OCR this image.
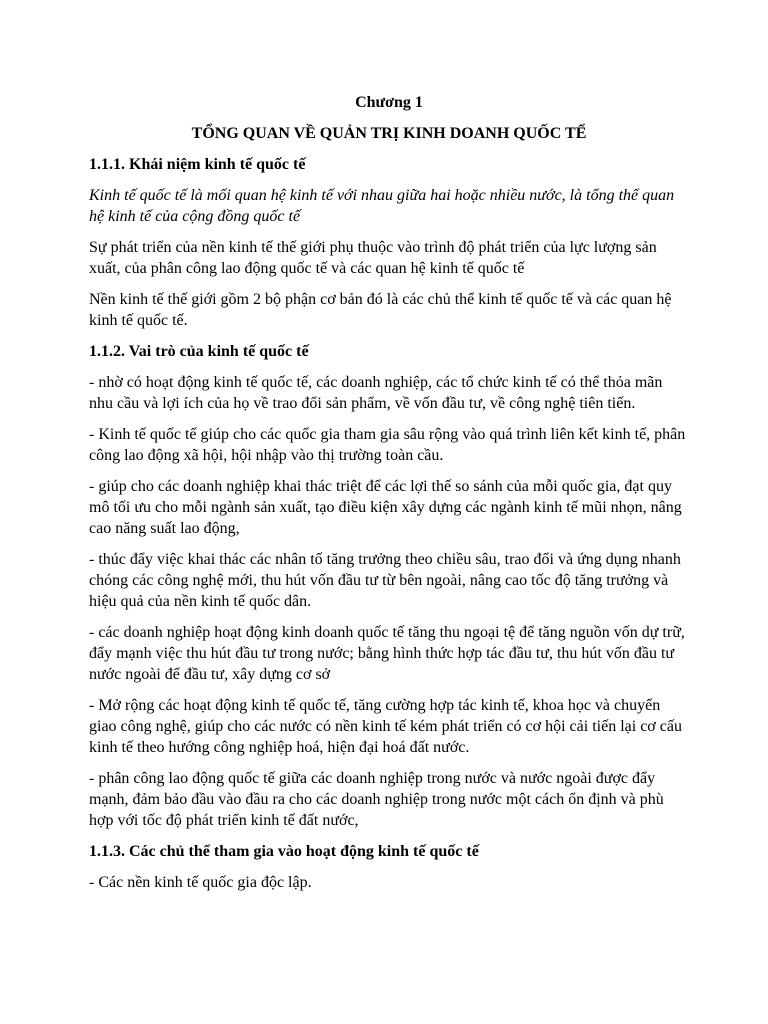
Chương 1
TỔNG QUAN VỀ QUẢN TRỊ KINH DOANH QUỐC TẾ
1.1.1. Khái niệm kinh tế quốc tế
Kinh tế quốc tế là mối quan hệ kinh tế với nhau giữa hai hoặc nhiều nước, là tổng thể quan hệ kinh tế của cộng đồng quốc tế
Sự phát triển của nền kinh tế thế giới phụ thuộc vào trình độ phát triển của lực lượng sản xuất, của phân công lao động quốc tế và các quan hệ kinh tế quốc tế
Nền kinh tế thế giới gồm 2 bộ phận cơ bản đó là các chủ thể kinh tế quốc tế và các quan hệ kinh tế quốc tế.
1.1.2. Vai trò của kinh tế quốc tế
- nhờ có hoạt động kinh tế quốc tế, các doanh nghiệp, các tổ chức kinh tế có thể thỏa mãn nhu cầu và lợi ích của họ về trao đổi sản phẩm, về vốn đầu tư, về công nghệ tiên tiến.
- Kinh tế quốc tế giúp cho các quốc gia tham gia sâu rộng vào quá trình liên kết kinh tế, phân công lao động xã hội, hội nhập vào thị trường toàn cầu.
- giúp cho các doanh nghiệp khai thác triệt để các lợi thế so sánh của mỗi quốc gia, đạt quy mô tối ưu cho mỗi ngành sản xuất, tạo điều kiện xây dựng các ngành kinh tế mũi nhọn, nâng cao năng suất lao động,
- thúc đẩy việc khai thác các nhân tố tăng trưởng theo chiều sâu, trao đổi và ứng dụng nhanh chóng các công nghệ mới, thu hút vốn đầu tư từ bên ngoài, nâng cao tốc độ tăng trưởng và hiệu quả của nền kinh tế quốc dân.
- các doanh nghiệp hoạt động kinh doanh quốc tế tăng thu ngoại tệ để tăng nguồn vốn dự trữ, đẩy mạnh việc thu hút đầu tư trong nước; bằng hình thức hợp tác đầu tư, thu hút vốn đầu tư nước ngoài để đầu tư, xây dựng cơ sở
- Mở rộng các hoạt động kinh tế quốc tế, tăng cường hợp tác kinh tế, khoa học và chuyển giao công nghệ, giúp cho các nước có nền kinh tế kém phát triển có cơ hội cải tiến lại cơ cấu kinh tế theo hướng công nghiệp hoá, hiện đại hoá đất nước.
- phân công lao động quốc tế giữa các doanh nghiệp trong nước và nước ngoài được đẩy mạnh, đảm bảo đầu vào đầu ra cho các doanh nghiệp trong nước một cách ổn định và phù hợp với tốc độ phát triển kinh tế đất nước,
1.1.3. Các chủ thể tham gia vào hoạt động kinh tế quốc tế
- Các nền kinh tế quốc gia độc lập.
